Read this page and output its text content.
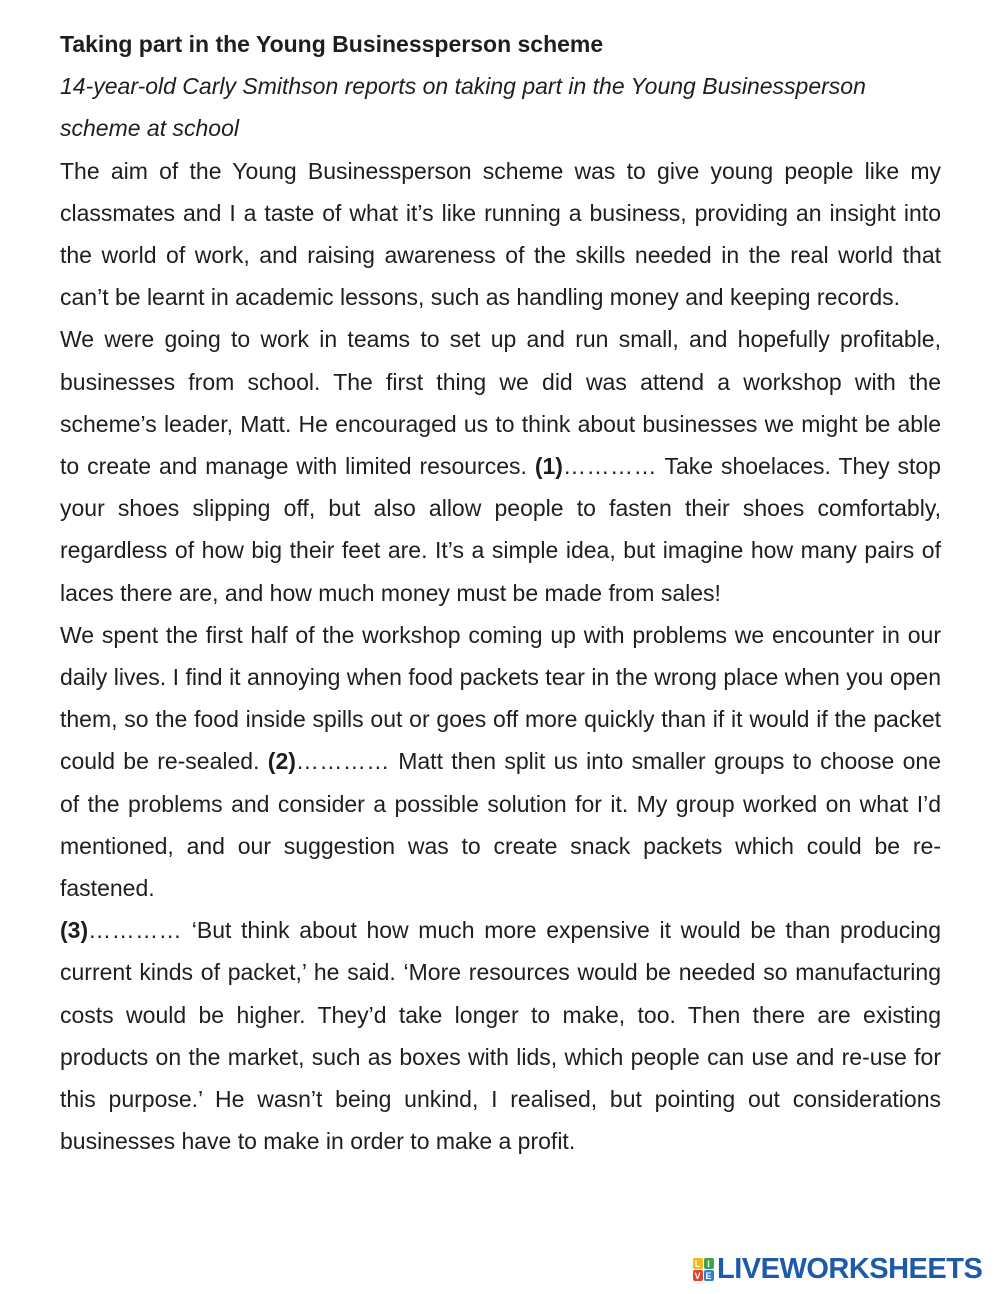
Taking part in the Young Businessperson scheme

14-year-old Carly Smithson reports on taking part in the Young Businessperson scheme at school

The aim of the Young Businessperson scheme was to give young people like my classmates and I a taste of what it’s like running a business, providing an insight into the world of work, and raising awareness of the skills needed in the real world that can’t be learnt in academic lessons, such as handling money and keeping records.

We were going to work in teams to set up and run small, and hopefully profitable, businesses from school. The first thing we did was attend a workshop with the scheme’s leader, Matt. He encouraged us to think about businesses we might be able to create and manage with limited resources. (1)………… Take shoelaces. They stop your shoes slipping off, but also allow people to fasten their shoes comfortably, regardless of how big their feet are. It’s a simple idea, but imagine how many pairs of laces there are, and how much money must be made from sales!

We spent the first half of the workshop coming up with problems we encounter in our daily lives. I find it annoying when food packets tear in the wrong place when you open them, so the food inside spills out or goes off more quickly than if it would if the packet could be re-sealed. (2)………… Matt then split us into smaller groups to choose one of the problems and consider a possible solution for it. My group worked on what I’d mentioned, and our suggestion was to create snack packets which could be re-fastened.

(3)………… ‘But think about how much more expensive it would be than producing current kinds of packet,’ he said. ‘More resources would be needed so manufacturing costs would be higher. They’d take longer to make, too. Then there are existing products on the market, such as boxes with lids, which people can use and re-use for this purpose.’ He wasn’t being unkind, I realised, but pointing out considerations businesses have to make in order to make a profit.

L I
V E LIVEWORKSHEETS
